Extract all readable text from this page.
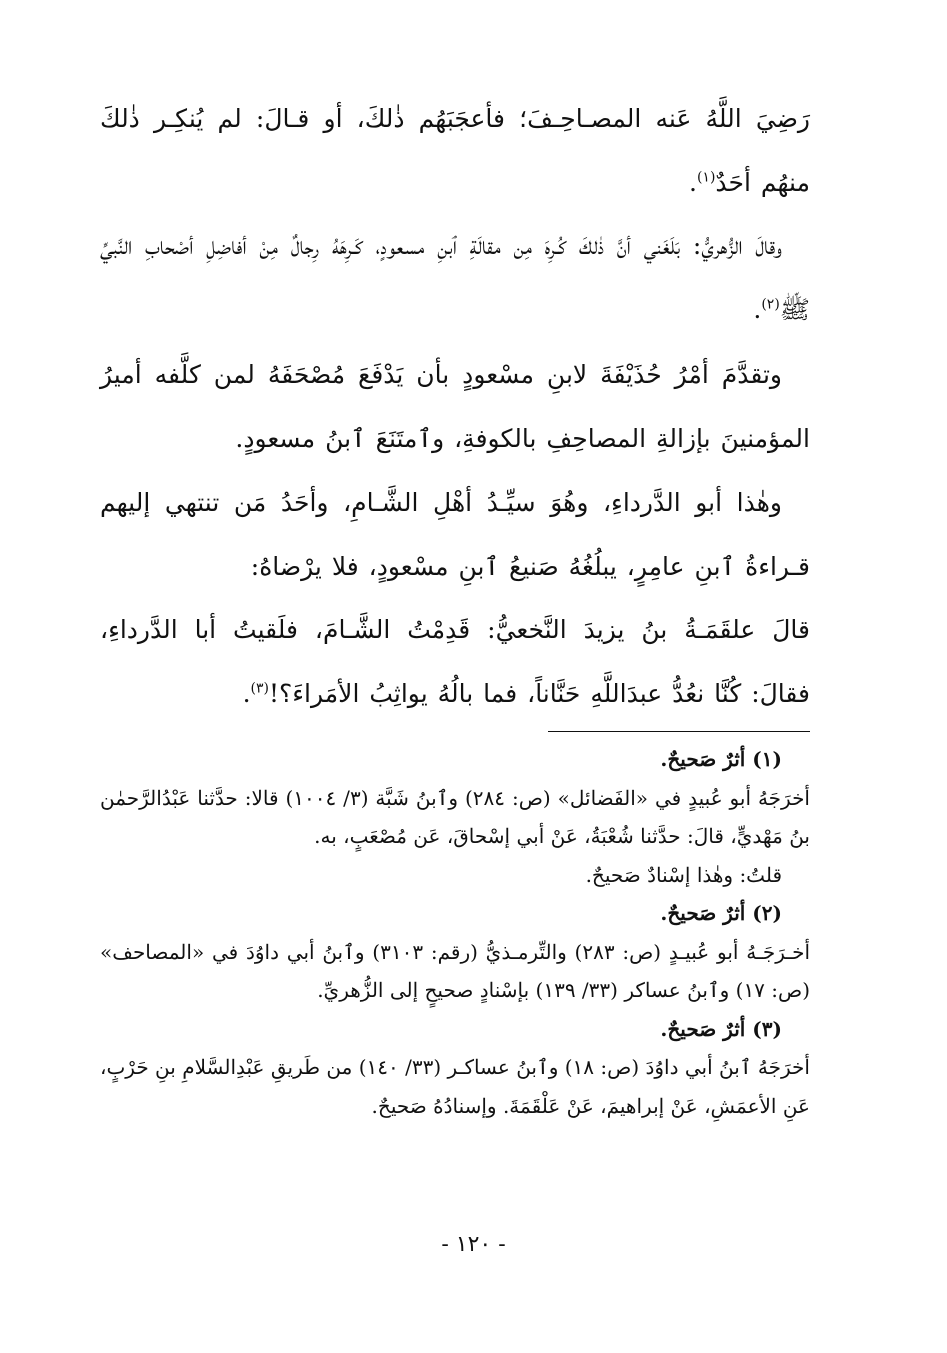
رَضِيَ اللَّهُ عَنه المصـاحِـفَ؛ فأعجَبَهُم ذٰلكَ، أو قـالَ: لم يُنكِـر ذٰلكَ منهُم أحَدٌ$^{(١)}$.

وقالَ الزُّهريُّ: بَلَغَني أنَّ ذٰلكَ كُـرِهَ مِن مقالَةِ ٱبنِ مسعودٍ، كَـرِهَهُ رِجالٌ مِنْ أفاضِلِ أصْحابِ النَّبيِّ ﷺ$^{(٢)}$.

وتقدَّمَ أمْرُ حُذَيْفَةَ لابنِ مسْعودٍ بأن يَدْفَعَ مُصْحَفَهُ لمن كلَّفه أميرُ المؤمنينَ بإزالةِ المصاحِفِ بالكوفةِ، وٱمتَنَعَ ٱبنُ مسعودٍ.

وهٰذا أبو الدَّرداءِ، وهُوَ سيِّـدُ أهْلِ الشَّـامِ، وأحَدُ مَن تنتهي إليهم قـراءةُ ٱبنِ عامِرٍ، يبلُغُهُ صَنيعُ ٱبنِ مسْعودٍ، فلا يرْضاهُ:

قالَ علقَمَـةُ بنُ يزيدَ النَّخعيُّ: قَدِمْتُ الشَّـامَ، فلَقيتُ أبا الدَّرداءِ، فقالَ: كُنَّا نعُدُّ عبدَاللَّهِ حَنَّاناً، فما بالُهُ يواثِبُ الأمَراءَ؟!$^{(٣)}$.

(١) أثرٌ صَحيحٌ.

أخرَجَهُ أبو عُبيدٍ في «الفَضائل» (ص: ٢٨٤) وٱبنُ شَبَّة (٣/ ١٠٠٤) قالا: حدَّثنا عَبْدُالرَّحمٰن بنُ مَهْديٍّ، قالَ: حدَّثنا شُعْبَةُ، عَنْ أبي إسْحاقَ، عَن مُصْعَبٍ، به.

قلتُ: وهٰذا إسْنادٌ صَحيحٌ.

(٢) أثرٌ صَحيحٌ.

أخـرَجَـهُ أبو عُبيـدٍ (ص: ٢٨٣) والتِّرمـذيُّ (رقم: ٣١٠٣) وٱبنُ أبي داوُدَ في «المصاحف» (ص: ١٧) وٱبنُ عساكر (٣٣/ ١٣٩) بإسْنادٍ صحيحٍ إلى الزُّهريِّ.

(٣) أثرٌ صَحيحٌ.

أخرَجَهُ ٱبنُ أبي داوُدَ (ص: ١٨) وٱبنُ عساكـر (٣٣/ ١٤٠) من طَريقِ عَبْدِالسَّلامِ بنِ حَرْبٍ، عَنِ الأعمَشِ، عَنْ إبراهيمَ، عَنْ عَلْقَمَةَ. وإسنادُهُ صَحيحٌ.

- ١٢٠ -
